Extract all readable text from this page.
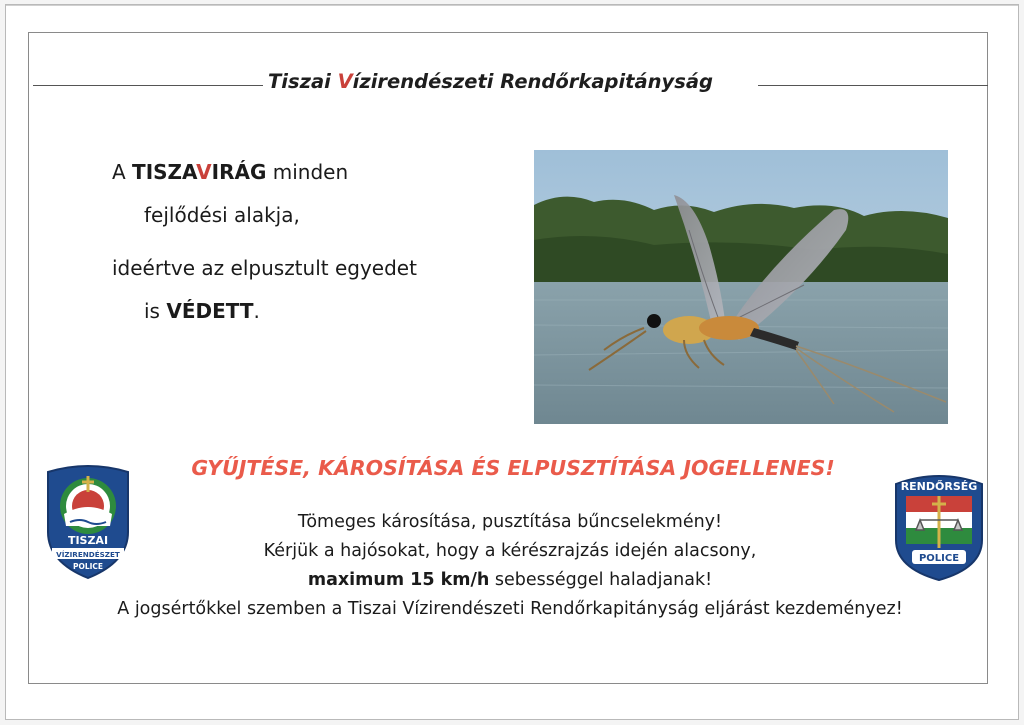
Tiszai Vízirendészeti Rendőrkapitányság
A TISZAVIRÁG minden
fejlődési alakja,
ideértve az elpusztult egyedet
is VÉDETT.
GYŰJTÉSE, KÁROSÍTÁSA ÉS ELPUSZTÍTÁSA JOGELLENES!
Tömeges károsítása, pusztítása bűncselekmény!
Kérjük a hajósokat, hogy a kérészrajzás idején alacsony,
maximum 15 km/h sebességgel haladjanak!
A jogsértőkkel szemben a Tiszai Vízirendészeti Rendőrkapitányság eljárást kezdeményez!
TISZAI
VÍZIRENDÉSZET
POLICE
RENDŐRSÉG
POLICE
